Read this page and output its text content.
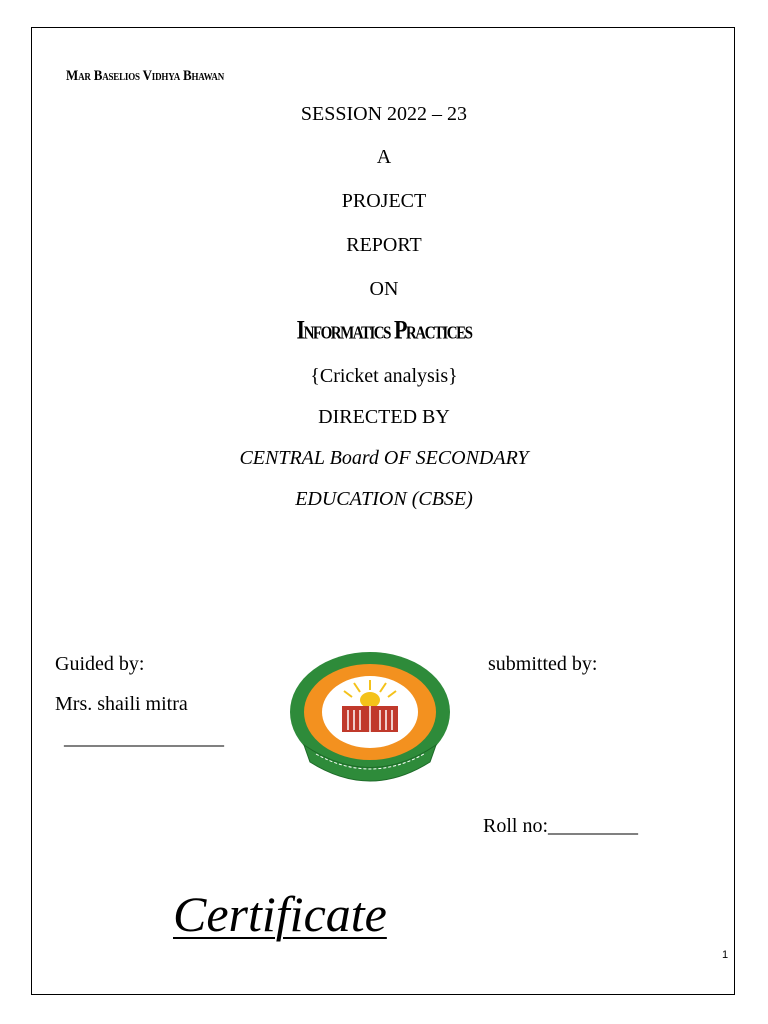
Mar Baselios Vidhya Bhawan
SESSION 2022 – 23
A
PROJECT
REPORT
ON
Informatics Practices
{Cricket analysis}
DIRECTED BY
CENTRAL Board OF SECONDARY
EDUCATION (CBSE)
Guided by:
Mrs. shaili mitra
________________
submitted by:
Roll no:_________
Certificate
1
